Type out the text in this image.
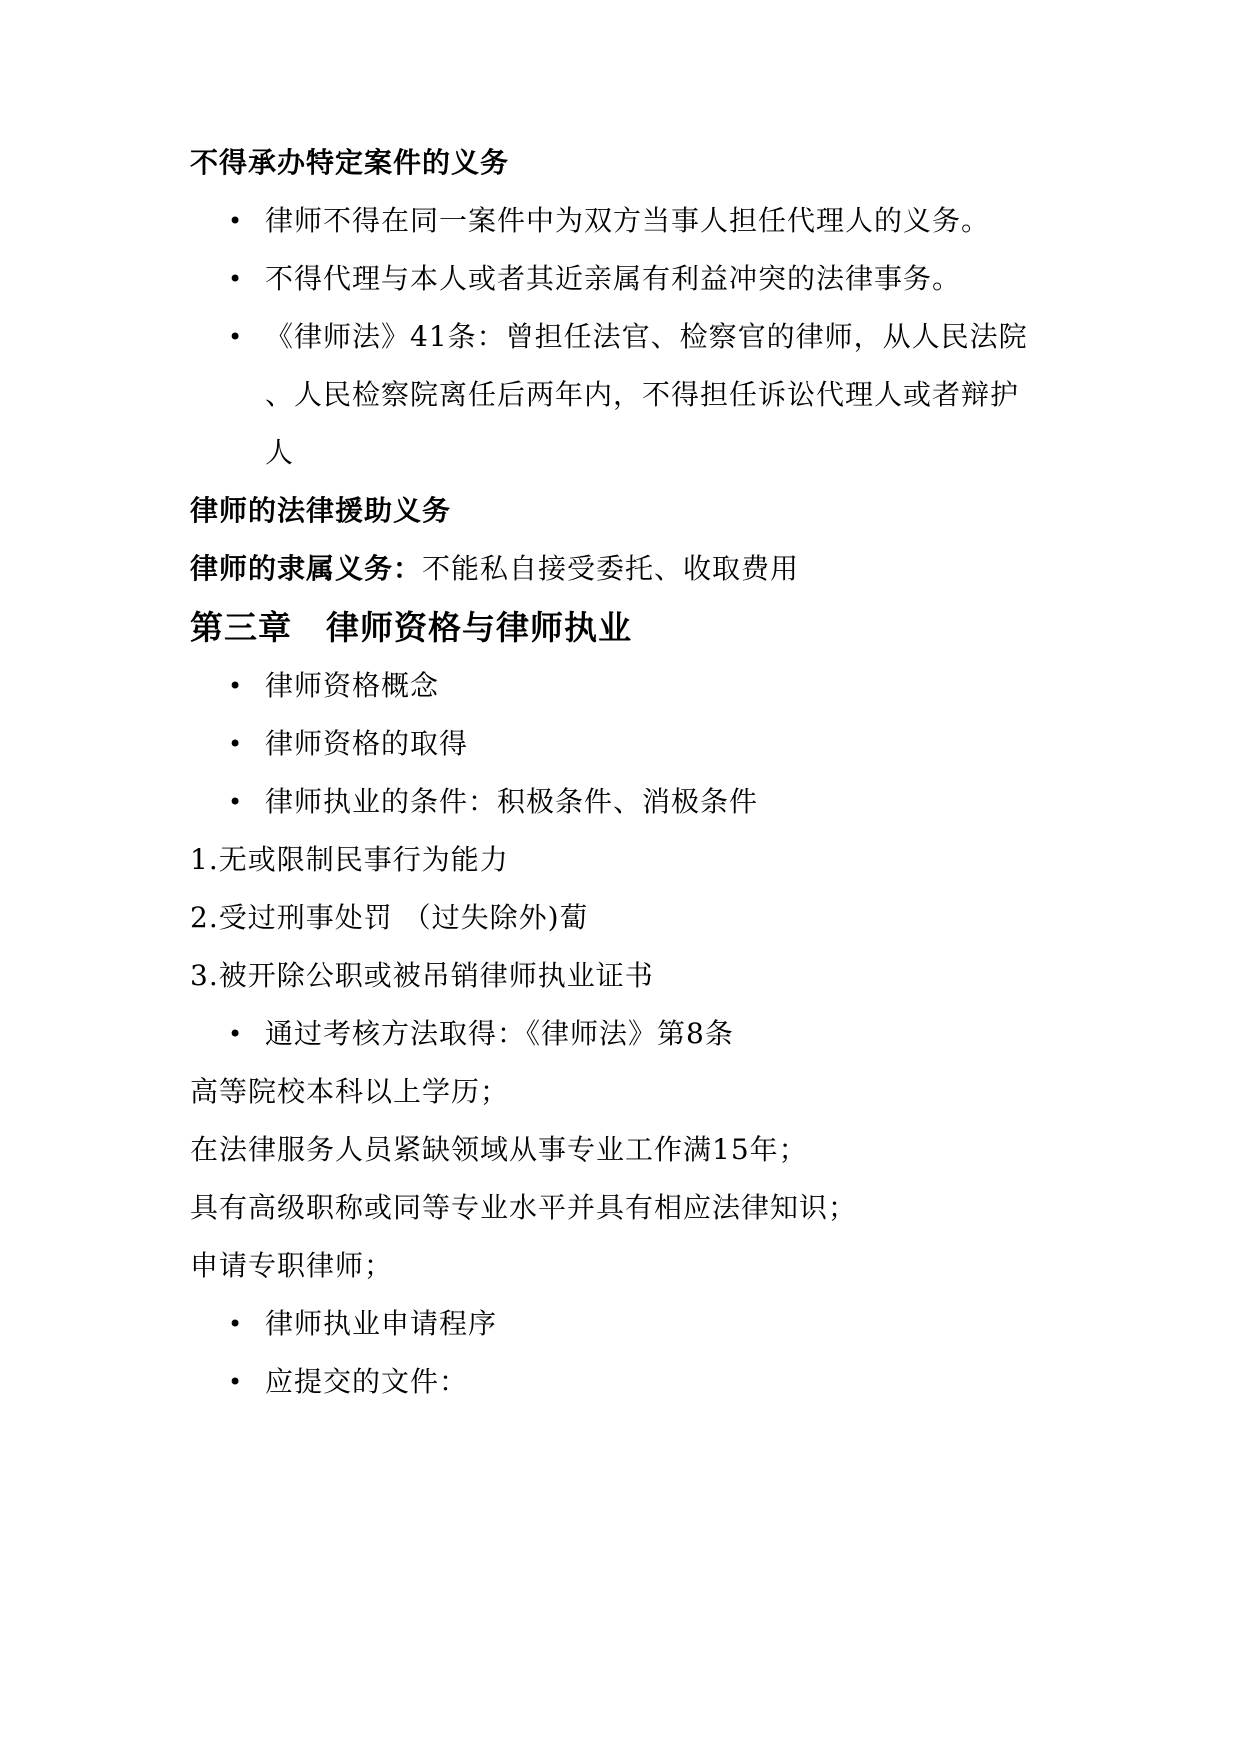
不得承办特定案件的义务
• 律师不得在同一案件中为双方当事人担任代理人的义务。
• 不得代理与本人或者其近亲属有利益冲突的法律事务。
• 《律师法》41条：曾担任法官、检察官的律师，从人民法院
、人民检察院离任后两年内，不得担任诉讼代理人或者辩护
人
律师的法律援助义务
律师的隶属义务：不能私自接受委托、收取费用
第三章　律师资格与律师执业
• 律师资格概念
• 律师资格的取得
• 律师执业的条件：积极条件、消极条件
1.无或限制民事行为能力
2.受过刑事处罚 （过失除外)蔔
3.被开除公职或被吊销律师执业证书
• 通过考核方法取得：《律师法》第8条
高等院校本科以上学历；
在法律服务人员紧缺领域从事专业工作满15年；
具有高级职称或同等专业水平并具有相应法律知识；
申请专职律师；
• 律师执业申请程序
• 应提交的文件：
